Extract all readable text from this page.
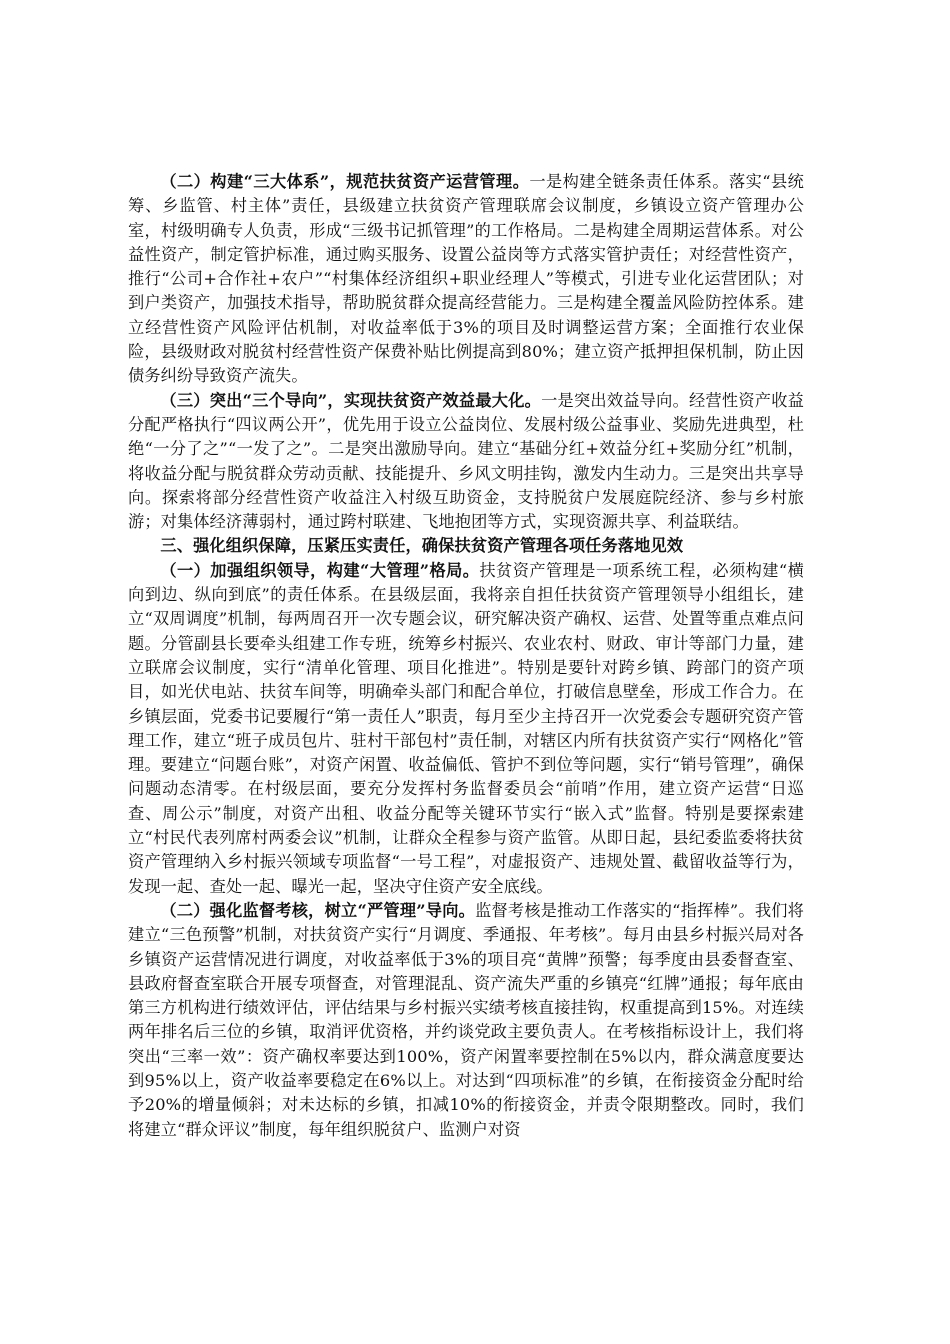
（二）构建“三大体系”，规范扶贫资产运营管理。一是构建全链条责任体系。落实“县统筹、乡监管、村主体”责任，县级建立扶贫资产管理联席会议制度，乡镇设立资产管理办公室，村级明确专人负责，形成“三级书记抓管理”的工作格局。二是构建全周期运营体系。对公益性资产，制定管护标准，通过购买服务、设置公益岗等方式落实管护责任；对经营性资产，推行“公司+合作社+农户”“村集体经济组织+职业经理人”等模式，引进专业化运营团队；对到户类资产，加强技术指导，帮助脱贫群众提高经营能力。三是构建全覆盖风险防控体系。建立经营性资产风险评估机制，对收益率低于3%的项目及时调整运营方案；全面推行农业保险，县级财政对脱贫村经营性资产保费补贴比例提高到80%；建立资产抵押担保机制，防止因债务纠纷导致资产流失。

（三）突出“三个导向”，实现扶贫资产效益最大化。一是突出效益导向。经营性资产收益分配严格执行“四议两公开”，优先用于设立公益岗位、发展村级公益事业、奖励先进典型，杜绝“一分了之”“一发了之”。二是突出激励导向。建立“基础分红+效益分红+奖励分红”机制，将收益分配与脱贫群众劳动贡献、技能提升、乡风文明挂钩，激发内生动力。三是突出共享导向。探索将部分经营性资产收益注入村级互助资金，支持脱贫户发展庭院经济、参与乡村旅游；对集体经济薄弱村，通过跨村联建、飞地抱团等方式，实现资源共享、利益联结。

三、强化组织保障，压紧压实责任，确保扶贫资产管理各项任务落地见效

（一）加强组织领导，构建“大管理”格局。扶贫资产管理是一项系统工程，必须构建“横向到边、纵向到底”的责任体系。在县级层面，我将亲自担任扶贫资产管理领导小组组长，建立“双周调度”机制，每两周召开一次专题会议，研究解决资产确权、运营、处置等重点难点问题。分管副县长要牵头组建工作专班，统筹乡村振兴、农业农村、财政、审计等部门力量，建立联席会议制度，实行“清单化管理、项目化推进”。特别是要针对跨乡镇、跨部门的资产项目，如光伏电站、扶贫车间等，明确牵头部门和配合单位，打破信息壁垒，形成工作合力。在乡镇层面，党委书记要履行“第一责任人”职责，每月至少主持召开一次党委会专题研究资产管理工作，建立“班子成员包片、驻村干部包村”责任制，对辖区内所有扶贫资产实行“网格化”管理。要建立“问题台账”，对资产闲置、收益偏低、管护不到位等问题，实行“销号管理”，确保问题动态清零。在村级层面，要充分发挥村务监督委员会“前哨”作用，建立资产运营“日巡查、周公示”制度，对资产出租、收益分配等关键环节实行“嵌入式”监督。特别是要探索建立“村民代表列席村两委会议”机制，让群众全程参与资产监管。从即日起，县纪委监委将扶贫资产管理纳入乡村振兴领域专项监督“一号工程”，对虚报资产、违规处置、截留收益等行为，发现一起、查处一起、曝光一起，坚决守住资产安全底线。

（二）强化监督考核，树立“严管理”导向。监督考核是推动工作落实的“指挥棒”。我们将建立“三色预警”机制，对扶贫资产实行“月调度、季通报、年考核”。每月由县乡村振兴局对各乡镇资产运营情况进行调度，对收益率低于3%的项目亮“黄牌”预警；每季度由县委督查室、县政府督查室联合开展专项督查，对管理混乱、资产流失严重的乡镇亮“红牌”通报；每年底由第三方机构进行绩效评估，评估结果与乡村振兴实绩考核直接挂钩，权重提高到15%。对连续两年排名后三位的乡镇，取消评优资格，并约谈党政主要负责人。在考核指标设计上，我们将突出“三率一效”：资产确权率要达到100%，资产闲置率要控制在5%以内，群众满意度要达到95%以上，资产收益率要稳定在6%以上。对达到“四项标准”的乡镇，在衔接资金分配时给予20%的增量倾斜；对未达标的乡镇，扣减10%的衔接资金，并责令限期整改。同时，我们将建立“群众评议”制度，每年组织脱贫户、监测户对资
